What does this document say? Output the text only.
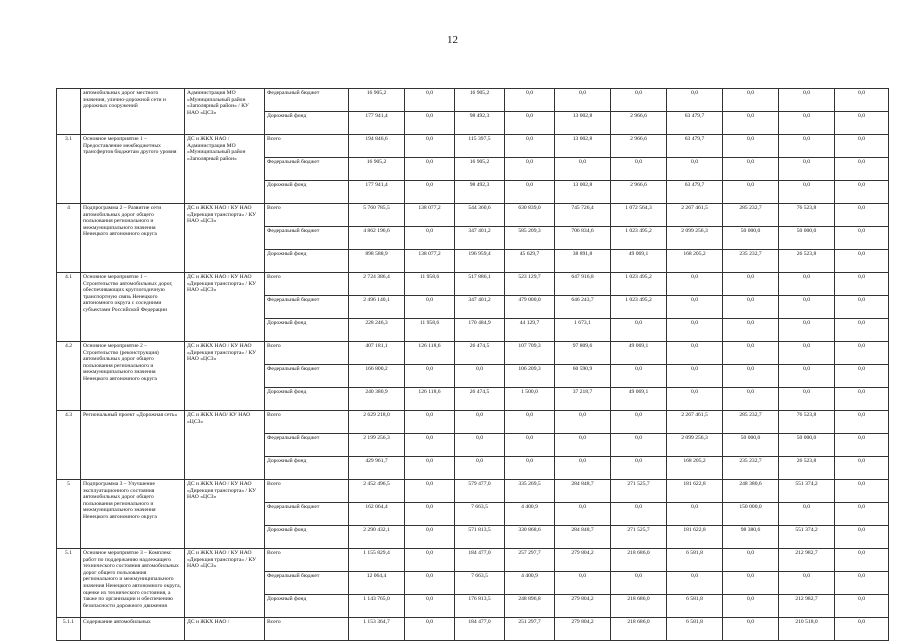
12
	автомобильных дорог местного значения, улично-дорожной сети и дорожных сооружений	Администрация МО «Муниципальный район «Заполярный район» / КУ НАО «ЦСЗ»	Федеральный бюджет	16 905,2	0,0	16 905,2	0,0	0,0	0,0	0,0	0,0	0,0	0,0
			Дорожный фонд	177 941,4	0,0	98 492,3	0,0	13 002,8	2 966,6	63 479,7	0,0	0,0	0,0
3.1	Основное мероприятие 1 – Предоставление межбюджетных трансфертов бюджетам другого уровня	ДС и ЖКХ НАО / Администрация МО «Муниципальный район «Заполярный район»	Всего	194 846,6	0,0	115 397,5	0,0	13 002,8	2 966,6	63 479,7	0,0	0,0	0,0
			Федеральный бюджет	16 905,2	0,0	16 905,2	0,0	0,0	0,0	0,0	0,0	0,0	0,0
			Дорожный фонд	177 941,4	0,0	98 492,3	0,0	13 002,8	2 966,6	63 479,7	0,0	0,0	0,0
4	Подпрограмма 2 – Развитие сети автомобильных дорог общего пользования регионального и межмуниципального значения Ненецкого автономного округа	ДС и ЖКХ НАО / КУ НАО «Дирекция транспорта» / КУ НАО «ЦСЗ»	Всего	5 760 785,5	138 077,2	544 360,6	630 839,0	745 726,4	1 072 564,3	2 267 461,5	285 232,7	76 523,8	0,0
			Федеральный бюджет	4 862 196,6	0,0	347 401,2	585 209,3	706 834,6	1 023 495,2	2 099 256,3	50 000,0	50 000,0	0,0
			Дорожный фонд	898 588,9	138 077,2	196 959,4	45 629,7	38 891,8	49 069,1	168 205,2	235 232,7	26 523,8	0,0
4.1	Основное мероприятие 1 – Строительство автомобильных дорог, обеспечивающих круглогодичную транспортную связь Ненецкого автономного округа с соседними субъектами Российской Федерации	ДС и ЖКХ НАО / КУ НАО «Дирекция транспорта» / КУ НАО «ЦСЗ»	Всего	2 724 386,4	11 958,6	517 886,1	523 129,7	647 916,8	1 023 495,2	0,0	0,0	0,0	0,0
			Федеральный бюджет	2 496 140,1	0,0	347 401,2	479 000,0	646 243,7	1 023 495,2	0,0	0,0	0,0	0,0
			Дорожный фонд	228 246,3	11 958,6	170 484,9	44 129,7	1 673,1	0,0	0,0	0,0	0,0	0,0
4.2	Основное мероприятие 2 – Строительство (реконструкция) автомобильных дорог общего пользования регионального и межмуниципального значения Ненецкого автономного округа	ДС и ЖКХ НАО / КУ НАО «Дирекция транспорта» / КУ НАО «ЦСЗ»	Всего	407 181,1	126 118,6	26 474,5	107 709,3	97 809,6	49 069,1	0,0	0,0	0,0	0,0
			Федеральный бюджет	166 800,2	0,0	0,0	106 209,3	60 590,9	0,0	0,0	0,0	0,0	0,0
			Дорожный фонд	240 380,9	126 118,6	26 474,5	1 500,0	37 218,7	49 069,1	0,0	0,0	0,0	0,0
4.3	Региональный проект «Дорожная сеть»	ДС и ЖКХ НАО/ КУ НАО «ЦСЗ»	Всего	2 629 218,0	0,0	0,0	0,0	0,0	0,0	2 267 461,5	285 232,7	76 523,8	0,0
			Федеральный бюджет	2 199 256,3	0,0	0,0	0,0	0,0	0,0	2 099 256,3	50 000,0	50 000,0	0,0
			Дорожный фонд	429 961,7	0,0	0,0	0,0	0,0	0,0	168 205,2	235 232,7	26 523,8	0,0
5	Подпрограмма 3 – Улучшение эксплуатационного состояния автомобильных дорог общего пользования регионального и межмуниципального значения Ненецкого автономного округа	ДС и ЖКХ НАО / КУ НАО «Дирекция транспорта» / КУ НАО «ЦСЗ»	Всего	2 452 496,5	0,0	579 477,0	335 269,5	284 848,7	271 525,7	181 622,8	248 380,6	551 374,2	0,0
			Федеральный бюджет	162 064,4	0,0	7 663,5	4 400,9	0,0	0,0	0,0	150 000,0	0,0	0,0
			Дорожный фонд	2 290 432,1	0,0	571 813,5	330 868,6	284 848,7	271 525,7	181 622,8	98 380,6	551 374,2	0,0
5.1	Основное мероприятие 3 – Комплекс работ по поддержанию надлежащего технического состояния автомобильных дорог общего пользования регионального и межмуниципального значения Ненецкого автономного округа, оценке их технического состояния, а также по организации и обеспечению безопасности дорожного движения	ДС и ЖКХ НАО / КУ НАО «Дирекция транспорта» / КУ НАО «ЦСЗ»	Всего	1 155 829,4	0,0	184 477,0	257 297,7	279 804,2	218 686,0	6 581,8	0,0	212 982,7	0,0
			Федеральный бюджет	12 064,4	0,0	7 663,5	4 400,9	0,0	0,0	0,0	0,0	0,0	0,0
			Дорожный фонд	1 143 765,0	0,0	176 813,5	248 896,8	279 804,2	218 686,0	6 581,8	0,0	212 982,7	0,0
5.1.1	Содержание автомобильных	ДС и ЖКХ НАО /	Всего	1 153 364,7	0,0	184 477,0	251 297,7	279 804,2	218 686,0	6 581,8	0,0	210 518,0	0,0
